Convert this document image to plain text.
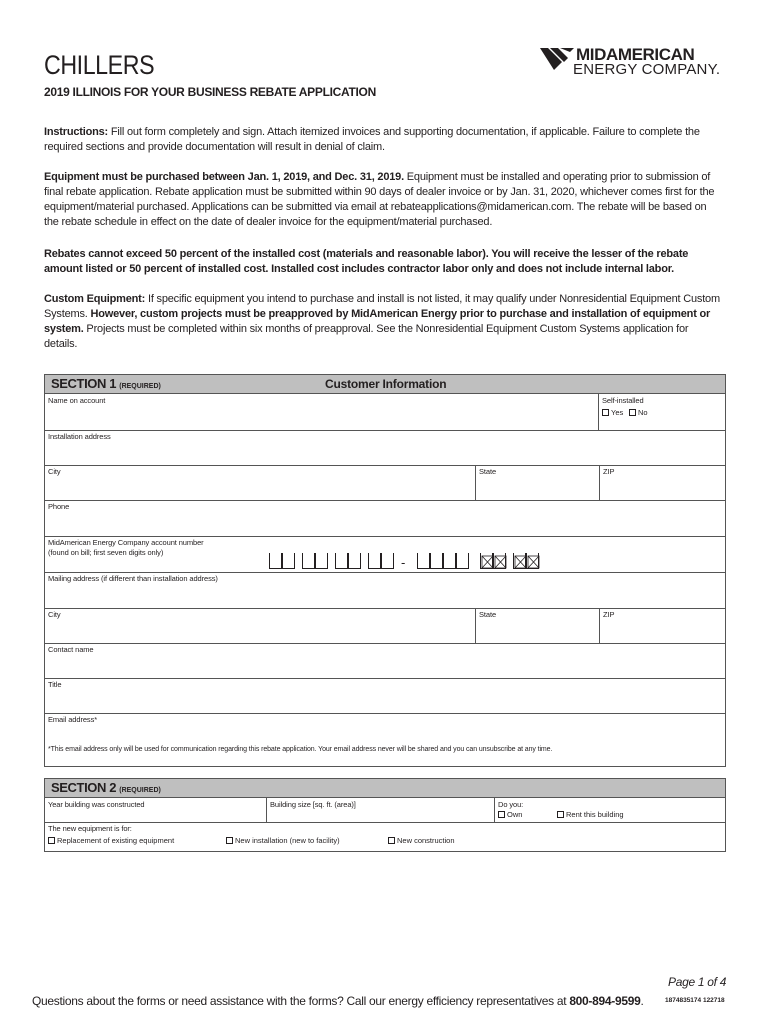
CHILLERS
2019 ILLINOIS FOR YOUR BUSINESS REBATE APPLICATION
MIDAMERICAN
ENERGY COMPANY.
Instructions: Fill out form completely and sign. Attach itemized invoices and supporting documentation, if applicable. Failure to complete the required sections and provide documentation will result in denial of claim.
Equipment must be purchased between Jan. 1, 2019, and Dec. 31, 2019. Equipment must be installed and operating prior to submission of final rebate application. Rebate application must be submitted within 90 days of dealer invoice or by Jan. 31, 2020, whichever comes first for the equipment/material purchased. Applications can be submitted via email at rebateapplications@midamerican.com. The rebate will be based on the rebate schedule in effect on the date of dealer invoice for the equipment/material purchased.
Rebates cannot exceed 50 percent of the installed cost (materials and reasonable labor). You will receive the lesser of the rebate amount listed or 50 percent of installed cost. Installed cost includes contractor labor only and does not include internal labor.
Custom Equipment: If specific equipment you intend to purchase and install is not listed, it may qualify under Nonresidential Equipment Custom Systems. However, custom projects must be preapproved by MidAmerican Energy prior to purchase and installation of equipment or system. Projects must be completed within six months of preapproval. See the Nonresidential Equipment Custom Systems application for details.
SECTION 1 (REQUIRED)	Customer Information
Name on account	Self-installed
Yes	No
Installation address
City	State	ZIP
Phone
MidAmerican Energy Company account number
(found on bill; first seven digits only)
-
Mailing address (if different than installation address)
City	State	ZIP
Contact name
Title
Email address*
*This email address only will be used for communication regarding this rebate application. Your email address never will be shared and you can unsubscribe at any time.
SECTION 2 (REQUIRED)
Year building was constructed	Building size [sq. ft. (area)]	Do you:
Own	Rent this building
The new equipment is for:
Replacement of existing equipment	New installation (new to facility)	New construction
Page 1 of 4
Questions about the forms or need assistance with the forms? Call our energy efficiency representatives at 800-894-9599.	1874835174 122718
